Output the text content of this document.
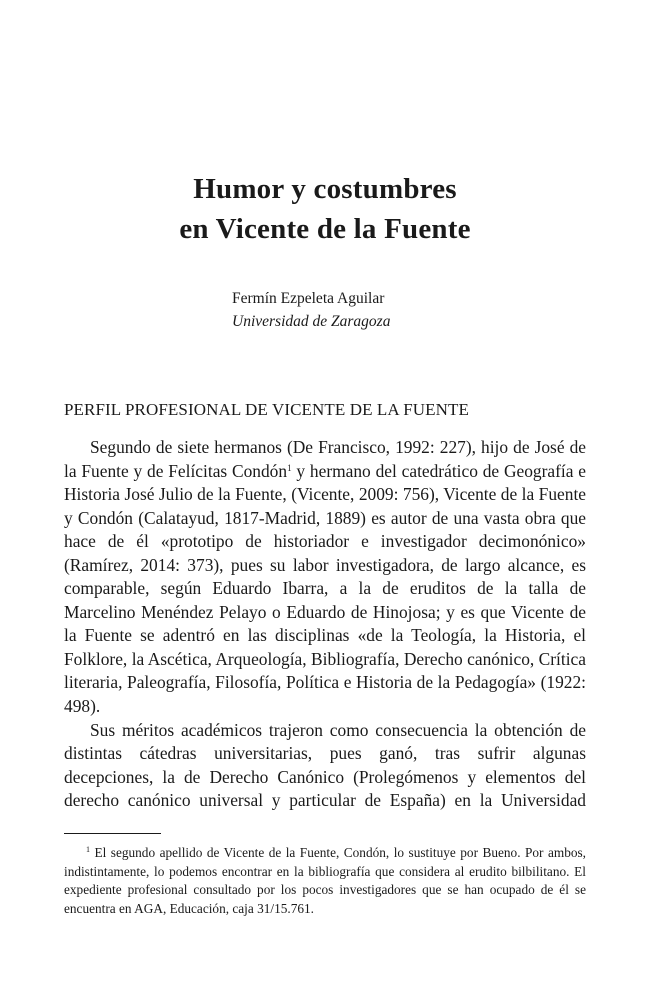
Humor y costumbres
en Vicente de la Fuente
Fermín Ezpeleta Aguilar
Universidad de Zaragoza
PERFIL PROFESIONAL DE VICENTE DE LA FUENTE

Segundo de siete hermanos (De Francisco, 1992: 227), hijo de José de la Fuente y de Felícitas Condón$^1$ y hermano del catedrático de Geografía e Historia José Julio de la Fuente, (Vicente, 2009: 756), Vicente de la Fuente y Condón (Calatayud, 1817-Madrid, 1889) es autor de una vasta obra que hace de él «prototipo de historiador e investigador decimonónico» (Ramírez, 2014: 373), pues su labor investigadora, de largo alcance, es comparable, según Eduardo Ibarra, a la de eruditos de la talla de Marcelino Menéndez Pelayo o Eduardo de Hinojosa; y es que Vicente de la Fuente se adentró en las disciplinas «de la Teología, la Historia, el Folklore, la Ascética, Arqueología, Bibliografía, Derecho canónico, Crítica literaria, Paleografía, Filosofía, Política e Historia de la Pedagogía» (1922: 498).

Sus méritos académicos trajeron como consecuencia la obtención de distintas cátedras universitarias, pues ganó, tras sufrir algunas decepciones, la de Derecho Canónico (Prolegómenos y elementos del derecho canónico universal y particular de España) en la Universidad

$^1$ El segundo apellido de Vicente de la Fuente, Condón, lo sustituye por Bueno. Por ambos, indistintamente, lo podemos encontrar en la bibliografía que considera al erudito bilbilitano. El expediente profesional consultado por los pocos investigadores que se han ocupado de él se encuentra en AGA, Educación, caja 31/15.761.
